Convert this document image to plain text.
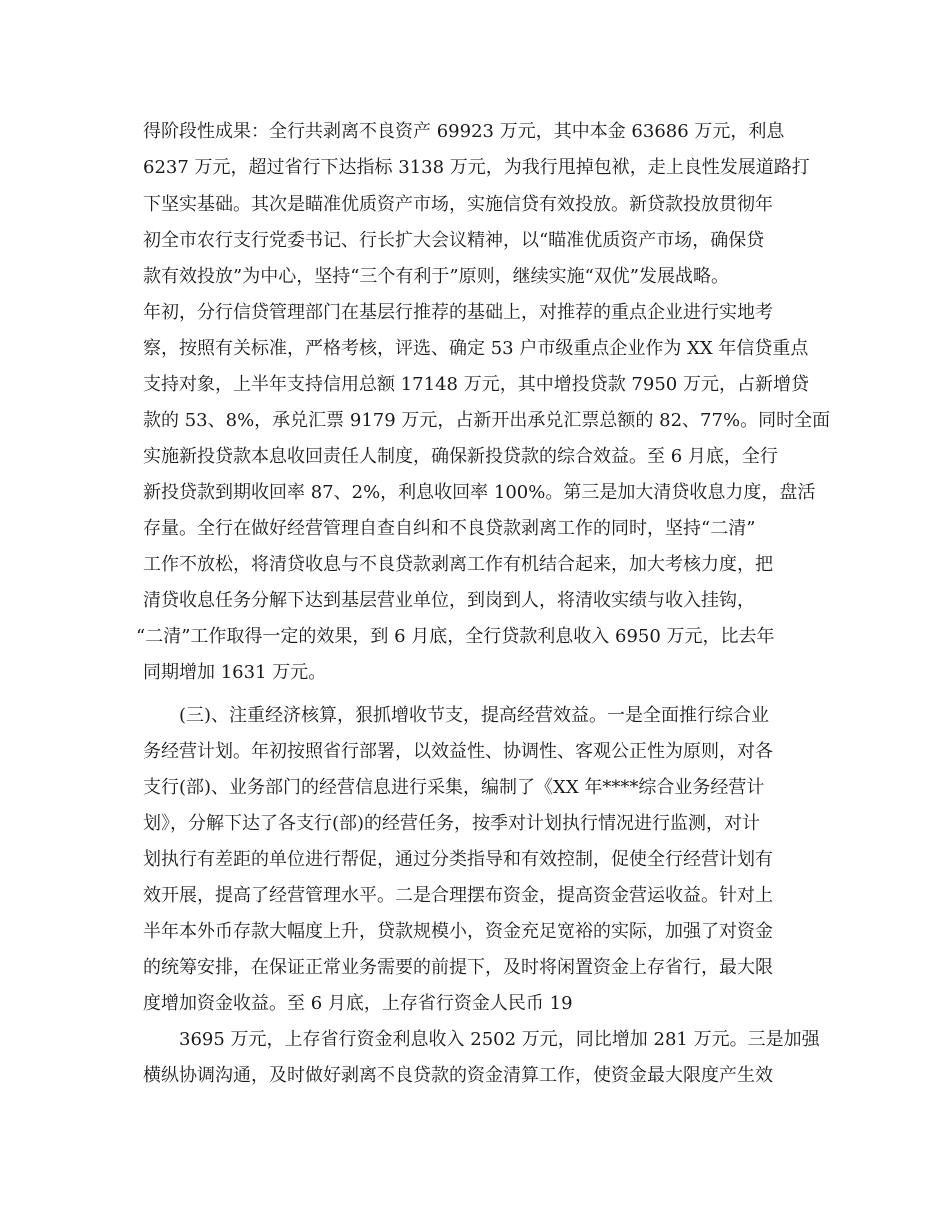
得阶段性成果：全行共剥离不良资产 69923 万元，其中本金 63686 万元，利息
6237 万元，超过省行下达指标 3138 万元，为我行甩掉包袱，走上良性发展道路打
下坚实基础。其次是瞄准优质资产市场，实施信贷有效投放。新贷款投放贯彻年
初全市农行支行党委书记、行长扩大会议精神，以“瞄准优质资产市场，确保贷
款有效投放”为中心，坚持“三个有利于”原则，继续实施“双优”发展战略。
年初，分行信贷管理部门在基层行推荐的基础上，对推荐的重点企业进行实地考
察，按照有关标准，严格考核，评选、确定 53 户市级重点企业作为 XX 年信贷重点
支持对象，上半年支持信用总额 17148 万元，其中增投贷款 7950 万元，占新增贷
款的 53、8%，承兑汇票 9179 万元，占新开出承兑汇票总额的 82、77%。同时全面
实施新投贷款本息收回责任人制度，确保新投贷款的综合效益。至 6 月底，全行
新投贷款到期收回率 87、2%，利息收回率 100%。第三是加大清贷收息力度，盘活
存量。全行在做好经营管理自查自纠和不良贷款剥离工作的同时，坚持“二清”
工作不放松，将清贷收息与不良贷款剥离工作有机结合起来，加大考核力度，把
清贷收息任务分解下达到基层营业单位，到岗到人，将清收实绩与收入挂钩，
“二清”工作取得一定的效果，到 6 月底，全行贷款利息收入 6950 万元，比去年
同期增加 1631 万元。
(三)、注重经济核算，狠抓增收节支，提高经营效益。一是全面推行综合业
务经营计划。年初按照省行部署，以效益性、协调性、客观公正性为原则，对各
支行(部)、业务部门的经营信息进行采集，编制了《XX 年****综合业务经营计
划》，分解下达了各支行(部)的经营任务，按季对计划执行情况进行监测，对计
划执行有差距的单位进行帮促，通过分类指导和有效控制，促使全行经营计划有
效开展，提高了经营管理水平。二是合理摆布资金，提高资金营运收益。针对上
半年本外币存款大幅度上升，贷款规模小，资金充足宽裕的实际，加强了对资金
的统筹安排，在保证正常业务需要的前提下，及时将闲置资金上存省行，最大限
度增加资金收益。至 6 月底，上存省行资金人民币 19
3695 万元，上存省行资金利息收入 2502 万元，同比增加 281 万元。三是加强
横纵协调沟通，及时做好剥离不良贷款的资金清算工作，使资金最大限度产生效
